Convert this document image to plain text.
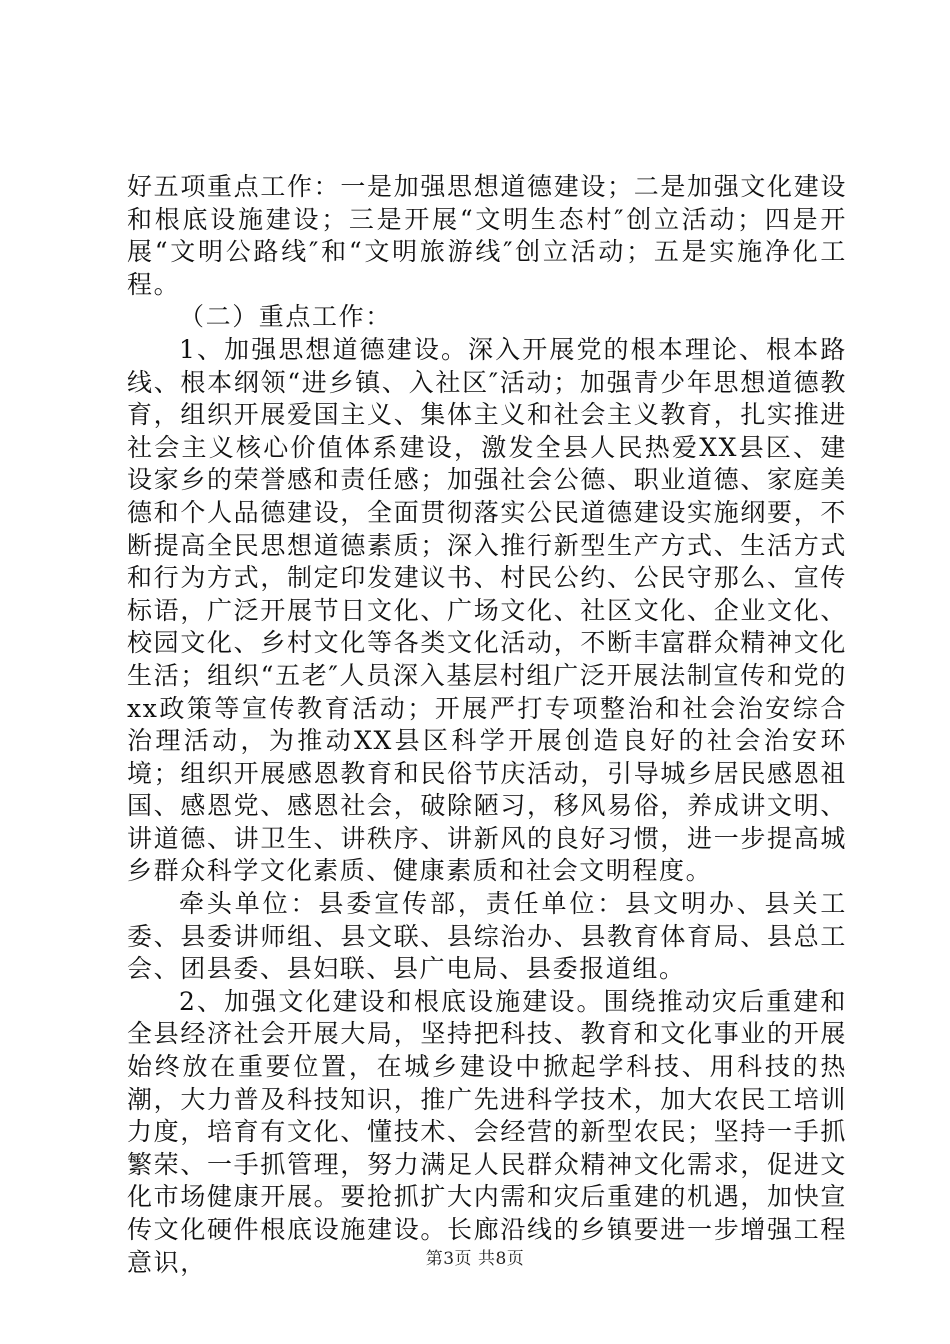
好五项重点工作：一是加强思想道德建设；二是加强文化建设和根底设施建设；三是开展“文明生态村″创立活动；四是开展“文明公路线″和“文明旅游线″创立活动；五是实施净化工程。

（二）重点工作：

1、加强思想道德建设。深入开展党的根本理论、根本路线、根本纲领“进乡镇、入社区″活动；加强青少年思想道德教育，组织开展爱国主义、集体主义和社会主义教育，扎实推进社会主义核心价值体系建设，激发全县人民热爱XX县区、建设家乡的荣誉感和责任感；加强社会公德、职业道德、家庭美德和个人品德建设，全面贯彻落实公民道德建设实施纲要，不断提高全民思想道德素质；深入推行新型生产方式、生活方式和行为方式，制定印发建议书、村民公约、公民守那么、宣传标语，广泛开展节日文化、广场文化、社区文化、企业文化、校园文化、乡村文化等各类文化活动，不断丰富群众精神文化生活；组织“五老″人员深入基层村组广泛开展法制宣传和党的xx政策等宣传教育活动；开展严打专项整治和社会治安综合治理活动，为推动XX县区科学开展创造良好的社会治安环境；组织开展感恩教育和民俗节庆活动，引导城乡居民感恩祖国、感恩党、感恩社会，破除陋习，移风易俗，养成讲文明、讲道德、讲卫生、讲秩序、讲新风的良好习惯，进一步提高城乡群众科学文化素质、健康素质和社会文明程度。

牵头单位：县委宣传部，责任单位：县文明办、县关工委、县委讲师组、县文联、县综治办、县教育体育局、县总工会、团县委、县妇联、县广电局、县委报道组。

2、加强文化建设和根底设施建设。围绕推动灾后重建和全县经济社会开展大局，坚持把科技、教育和文化事业的开展始终放在重要位置，在城乡建设中掀起学科技、用科技的热潮，大力普及科技知识，推广先进科学技术，加大农民工培训力度，培育有文化、懂技术、会经营的新型农民；坚持一手抓繁荣、一手抓管理，努力满足人民群众精神文化需求，促进文化市场健康开展。要抢抓扩大内需和灾后重建的机遇，加快宣传文化硬件根底设施建设。长廊沿线的乡镇要进一步增强工程意识，	第3页 共8页
